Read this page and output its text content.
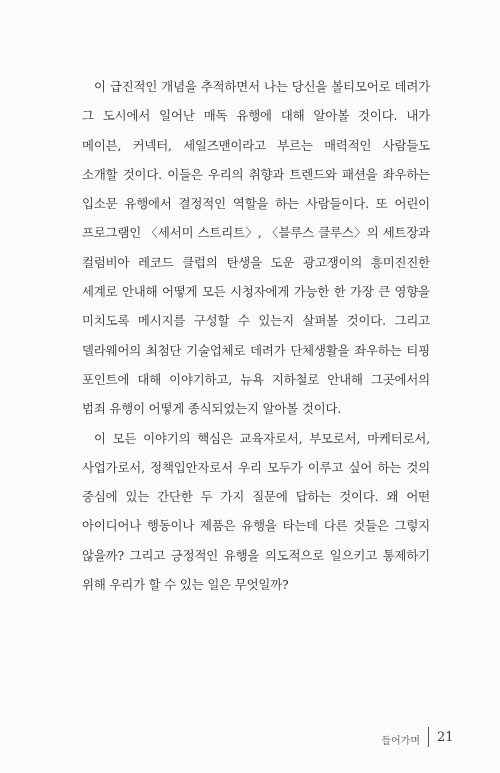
이 급진적인 개념을 추적하면서 나는 당신을 볼티모어로 데려가 그 도시에서 일어난 매독 유행에 대해 알아볼 것이다. 내가 메이븐, 커넥터, 세일즈맨이라고 부르는 매력적인 사람들도 소개할 것이다. 이들은 우리의 취향과 트렌드와 패션을 좌우하는 입소문 유행에서 결정적인 역할을 하는 사람들이다. 또 어린이 프로그램인 〈세서미 스트리트〉, 〈블루스 클루스〉의 세트장과 컬럼비아 레코드 클럽의 탄생을 도운 광고쟁이의 흥미진진한 세계로 안내해 어떻게 모든 시청자에게 가능한 한 가장 큰 영향을 미치도록 메시지를 구성할 수 있는지 살펴볼 것이다. 그리고 델라웨어의 최첨단 기술업체로 데려가 단체생활을 좌우하는 티핑 포인트에 대해 이야기하고, 뉴욕 지하철로 안내해 그곳에서의 범죄 유행이 어떻게 종식되었는지 알아볼 것이다.

이 모든 이야기의 핵심은 교육자로서, 부모로서, 마케터로서, 사업가로서, 정책입안자로서 우리 모두가 이루고 싶어 하는 것의 중심에 있는 간단한 두 가지 질문에 답하는 것이다. 왜 어떤 아이디어나 행동이나 제품은 유행을 타는데 다른 것들은 그렇지 않을까? 그리고 긍정적인 유행을 의도적으로 일으키고 통제하기 위해 우리가 할 수 있는 일은 무엇일까?

들어가며 21
